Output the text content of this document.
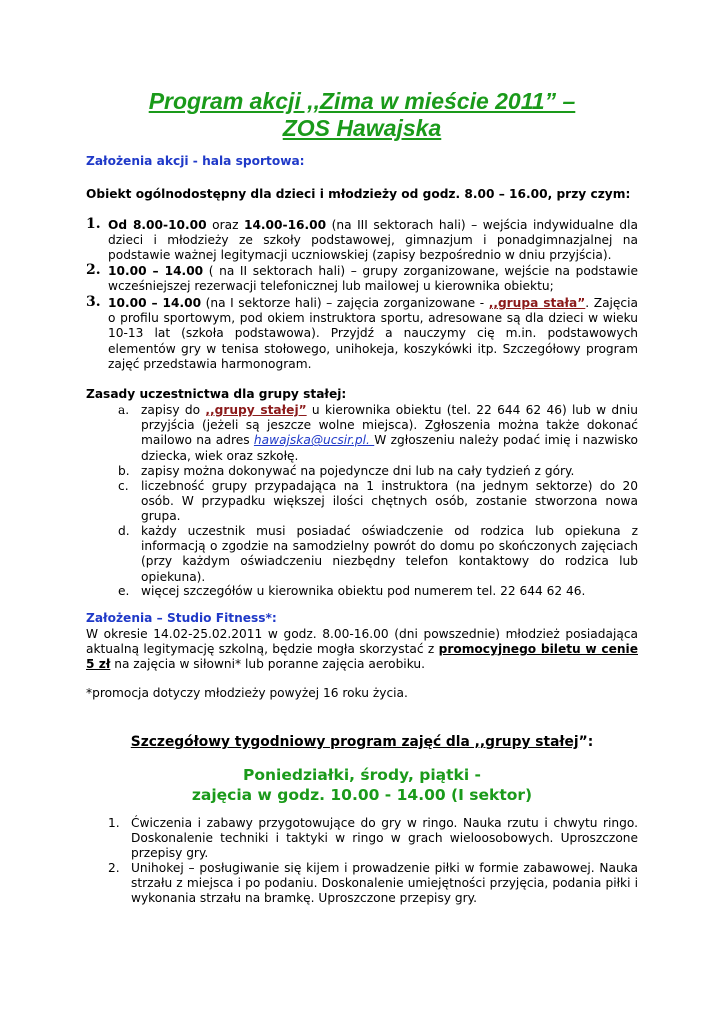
Program akcji ,,Zima w mieście 2011” –
ZOS Hawajska
Założenia akcji - hala sportowa:
Obiekt ogólnodostępny dla dzieci i młodzieży od godz. 8.00 – 16.00, przy czym:
1. Od 8.00-10.00 oraz 14.00-16.00 (na III sektorach hali) – wejścia indywidualne dla dzieci i młodzieży ze szkoły podstawowej, gimnazjum i ponadgimnazjalnej na podstawie ważnej legitymacji uczniowskiej (zapisy bezpośrednio w dniu przyjścia).
2. 10.00 – 14.00 ( na II sektorach hali) – grupy zorganizowane, wejście na podstawie wcześniejszej rezerwacji telefonicznej lub mailowej u kierownika obiektu;
3. 10.00 – 14.00 (na I sektorze hali) – zajęcia zorganizowane - ,,grupa stała”. Zajęcia o profilu sportowym, pod okiem instruktora sportu, adresowane są dla dzieci w wieku 10-13 lat (szkoła podstawowa). Przyjdź a nauczymy cię m.in. podstawowych elementów gry w tenisa stołowego, unihokeja, koszykówki itp. Szczegółowy program zajęć przedstawia harmonogram.
Zasady uczestnictwa dla grupy stałej:
a. zapisy do ,,grupy stałej” u kierownika obiektu (tel. 22 644 62 46) lub w dniu przyjścia (jeżeli są jeszcze wolne miejsca). Zgłoszenia można także dokonać mailowo na adres hawajska@ucsir.pl. W zgłoszeniu należy podać imię i nazwisko dziecka, wiek oraz szkołę.
b. zapisy można dokonywać na pojedyncze dni lub na cały tydzień z góry.
c. liczebność grupy przypadająca na 1 instruktora (na jednym sektorze) do 20 osób. W przypadku większej ilości chętnych osób, zostanie stworzona nowa grupa.
d. każdy uczestnik musi posiadać oświadczenie od rodzica lub opiekuna z informacją o zgodzie na samodzielny powrót do domu po skończonych zajęciach (przy każdym oświadczeniu niezbędny telefon kontaktowy do rodzica lub opiekuna).
e. więcej szczegółów u kierownika obiektu pod numerem tel. 22 644 62 46.
Założenia – Studio Fitness*:
W okresie 14.02-25.02.2011 w godz. 8.00-16.00 (dni powszednie) młodzież posiadająca aktualną legitymację szkolną, będzie mogła skorzystać z promocyjnego biletu w cenie 5 zł na zajęcia w siłowni* lub poranne zajęcia aerobiku.
*promocja dotyczy młodzieży powyżej 16 roku życia.
Szczegółowy tygodniowy program zajęć dla ,,grupy stałej”:
Poniedziałki, środy, piątki -
zajęcia w godz. 10.00 - 14.00 (I sektor)
1. Ćwiczenia i zabawy przygotowujące do gry w ringo. Nauka rzutu i chwytu ringo. Doskonalenie techniki i taktyki w ringo w grach wieloosobowych. Uproszczone przepisy gry.
2. Unihokej – posługiwanie się kijem i prowadzenie piłki w formie zabawowej. Nauka strzału z miejsca i po podaniu. Doskonalenie umiejętności przyjęcia, podania piłki i wykonania strzału na bramkę. Uproszczone przepisy gry.
